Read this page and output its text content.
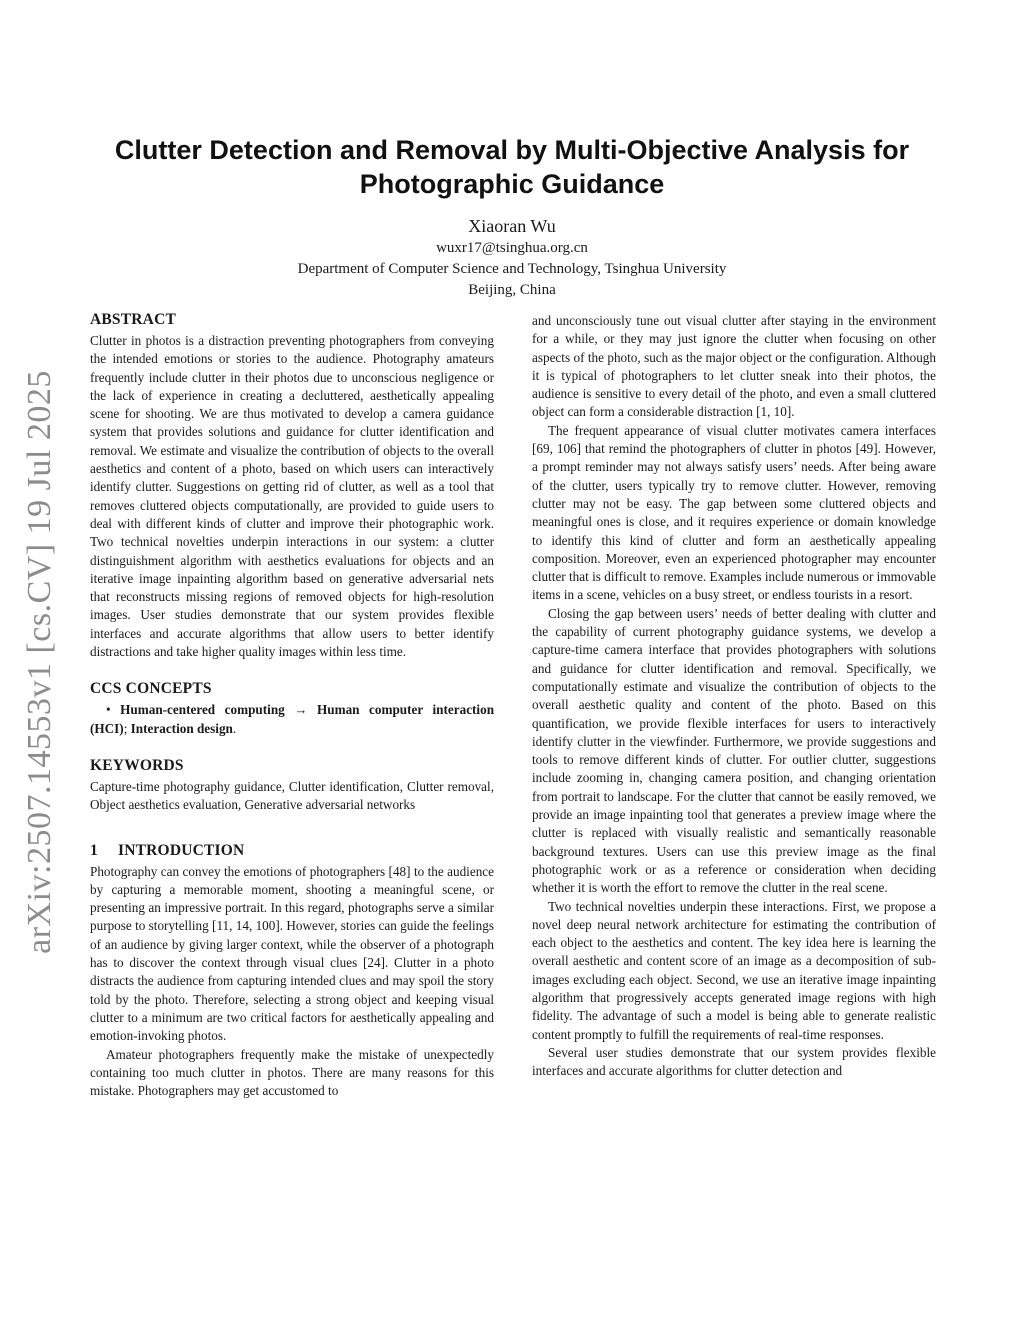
arXiv:2507.14553v1 [cs.CV] 19 Jul 2025
Clutter Detection and Removal by Multi-Objective Analysis for Photographic Guidance
Xiaoran Wu
wuxr17@tsinghua.org.cn
Department of Computer Science and Technology, Tsinghua University
Beijing, China
ABSTRACT

Clutter in photos is a distraction preventing photographers from conveying the intended emotions or stories to the audience. Photography amateurs frequently include clutter in their photos due to unconscious negligence or the lack of experience in creating a decluttered, aesthetically appealing scene for shooting. We are thus motivated to develop a camera guidance system that provides solutions and guidance for clutter identification and removal. We estimate and visualize the contribution of objects to the overall aesthetics and content of a photo, based on which users can interactively identify clutter. Suggestions on getting rid of clutter, as well as a tool that removes cluttered objects computationally, are provided to guide users to deal with different kinds of clutter and improve their photographic work. Two technical novelties underpin interactions in our system: a clutter distinguishment algorithm with aesthetics evaluations for objects and an iterative image inpainting algorithm based on generative adversarial nets that reconstructs missing regions of removed objects for high-resolution images. User studies demonstrate that our system provides flexible interfaces and accurate algorithms that allow users to better identify distractions and take higher quality images within less time.

CCS CONCEPTS

• Human-centered computing → Human computer interaction (HCI); Interaction design.

KEYWORDS

Capture-time photography guidance, Clutter identification, Clutter removal, Object aesthetics evaluation, Generative adversarial networks

1 INTRODUCTION

Photography can convey the emotions of photographers [48] to the audience by capturing a memorable moment, shooting a meaningful scene, or presenting an impressive portrait. In this regard, photographs serve a similar purpose to storytelling [11, 14, 100]. However, stories can guide the feelings of an audience by giving larger context, while the observer of a photograph has to discover the context through visual clues [24]. Clutter in a photo distracts the audience from capturing intended clues and may spoil the story told by the photo. Therefore, selecting a strong object and keeping visual clutter to a minimum are two critical factors for aesthetically appealing and emotion-invoking photos.

Amateur photographers frequently make the mistake of unexpectedly containing too much clutter in photos. There are many reasons for this mistake. Photographers may get accustomed to

and unconsciously tune out visual clutter after staying in the environment for a while, or they may just ignore the clutter when focusing on other aspects of the photo, such as the major object or the configuration. Although it is typical of photographers to let clutter sneak into their photos, the audience is sensitive to every detail of the photo, and even a small cluttered object can form a considerable distraction [1, 10].

The frequent appearance of visual clutter motivates camera interfaces [69, 106] that remind the photographers of clutter in photos [49]. However, a prompt reminder may not always satisfy users’ needs. After being aware of the clutter, users typically try to remove clutter. However, removing clutter may not be easy. The gap between some cluttered objects and meaningful ones is close, and it requires experience or domain knowledge to identify this kind of clutter and form an aesthetically appealing composition. Moreover, even an experienced photographer may encounter clutter that is difficult to remove. Examples include numerous or immovable items in a scene, vehicles on a busy street, or endless tourists in a resort.

Closing the gap between users’ needs of better dealing with clutter and the capability of current photography guidance systems, we develop a capture-time camera interface that provides photographers with solutions and guidance for clutter identification and removal. Specifically, we computationally estimate and visualize the contribution of objects to the overall aesthetic quality and content of the photo. Based on this quantification, we provide flexible interfaces for users to interactively identify clutter in the viewfinder. Furthermore, we provide suggestions and tools to remove different kinds of clutter. For outlier clutter, suggestions include zooming in, changing camera position, and changing orientation from portrait to landscape. For the clutter that cannot be easily removed, we provide an image inpainting tool that generates a preview image where the clutter is replaced with visually realistic and semantically reasonable background textures. Users can use this preview image as the final photographic work or as a reference or consideration when deciding whether it is worth the effort to remove the clutter in the real scene.

Two technical novelties underpin these interactions. First, we propose a novel deep neural network architecture for estimating the contribution of each object to the aesthetics and content. The key idea here is learning the overall aesthetic and content score of an image as a decomposition of sub-images excluding each object. Second, we use an iterative image inpainting algorithm that progressively accepts generated image regions with high fidelity. The advantage of such a model is being able to generate realistic content promptly to fulfill the requirements of real-time responses.

Several user studies demonstrate that our system provides flexible interfaces and accurate algorithms for clutter detection and
